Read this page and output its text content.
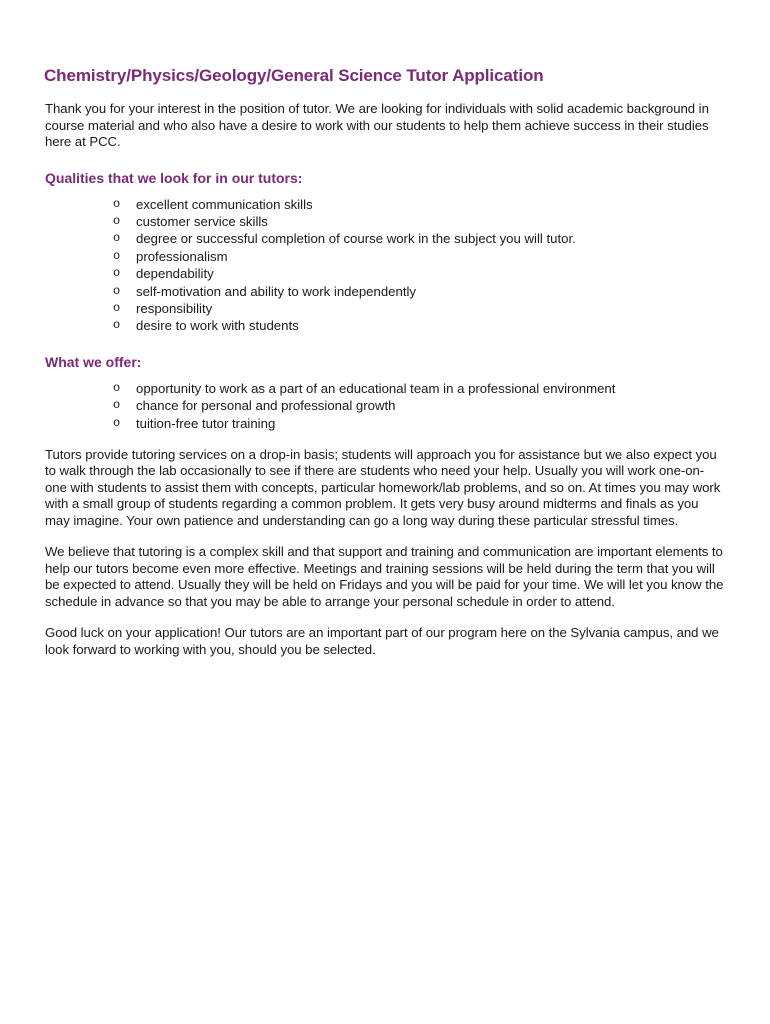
Chemistry/Physics/Geology/General Science Tutor Application

Thank you for your interest in the position of tutor. We are looking for individuals with solid academic background in course material and who also have a desire to work with our students to help them achieve success in their studies here at PCC.

Qualities that we look for in our tutors:
o excellent communication skills
o customer service skills
o degree or successful completion of course work in the subject you will tutor.
o professionalism
o dependability
o self-motivation and ability to work independently
o responsibility
o desire to work with students
What we offer:
o opportunity to work as a part of an educational team in a professional environment
o chance for personal and professional growth
o tuition-free tutor training

Tutors provide tutoring services on a drop-in basis; students will approach you for assistance but we also expect you to walk through the lab occasionally to see if there are students who need your help. Usually you will work one-on-one with students to assist them with concepts, particular homework/lab problems, and so on. At times you may work with a small group of students regarding a common problem. It gets very busy around midterms and finals as you may imagine. Your own patience and understanding can go a long way during these particular stressful times.

We believe that tutoring is a complex skill and that support and training and communication are important elements to help our tutors become even more effective. Meetings and training sessions will be held during the term that you will be expected to attend. Usually they will be held on Fridays and you will be paid for your time. We will let you know the schedule in advance so that you may be able to arrange your personal schedule in order to attend.

Good luck on your application! Our tutors are an important part of our program here on the Sylvania campus, and we look forward to working with you, should you be selected.
